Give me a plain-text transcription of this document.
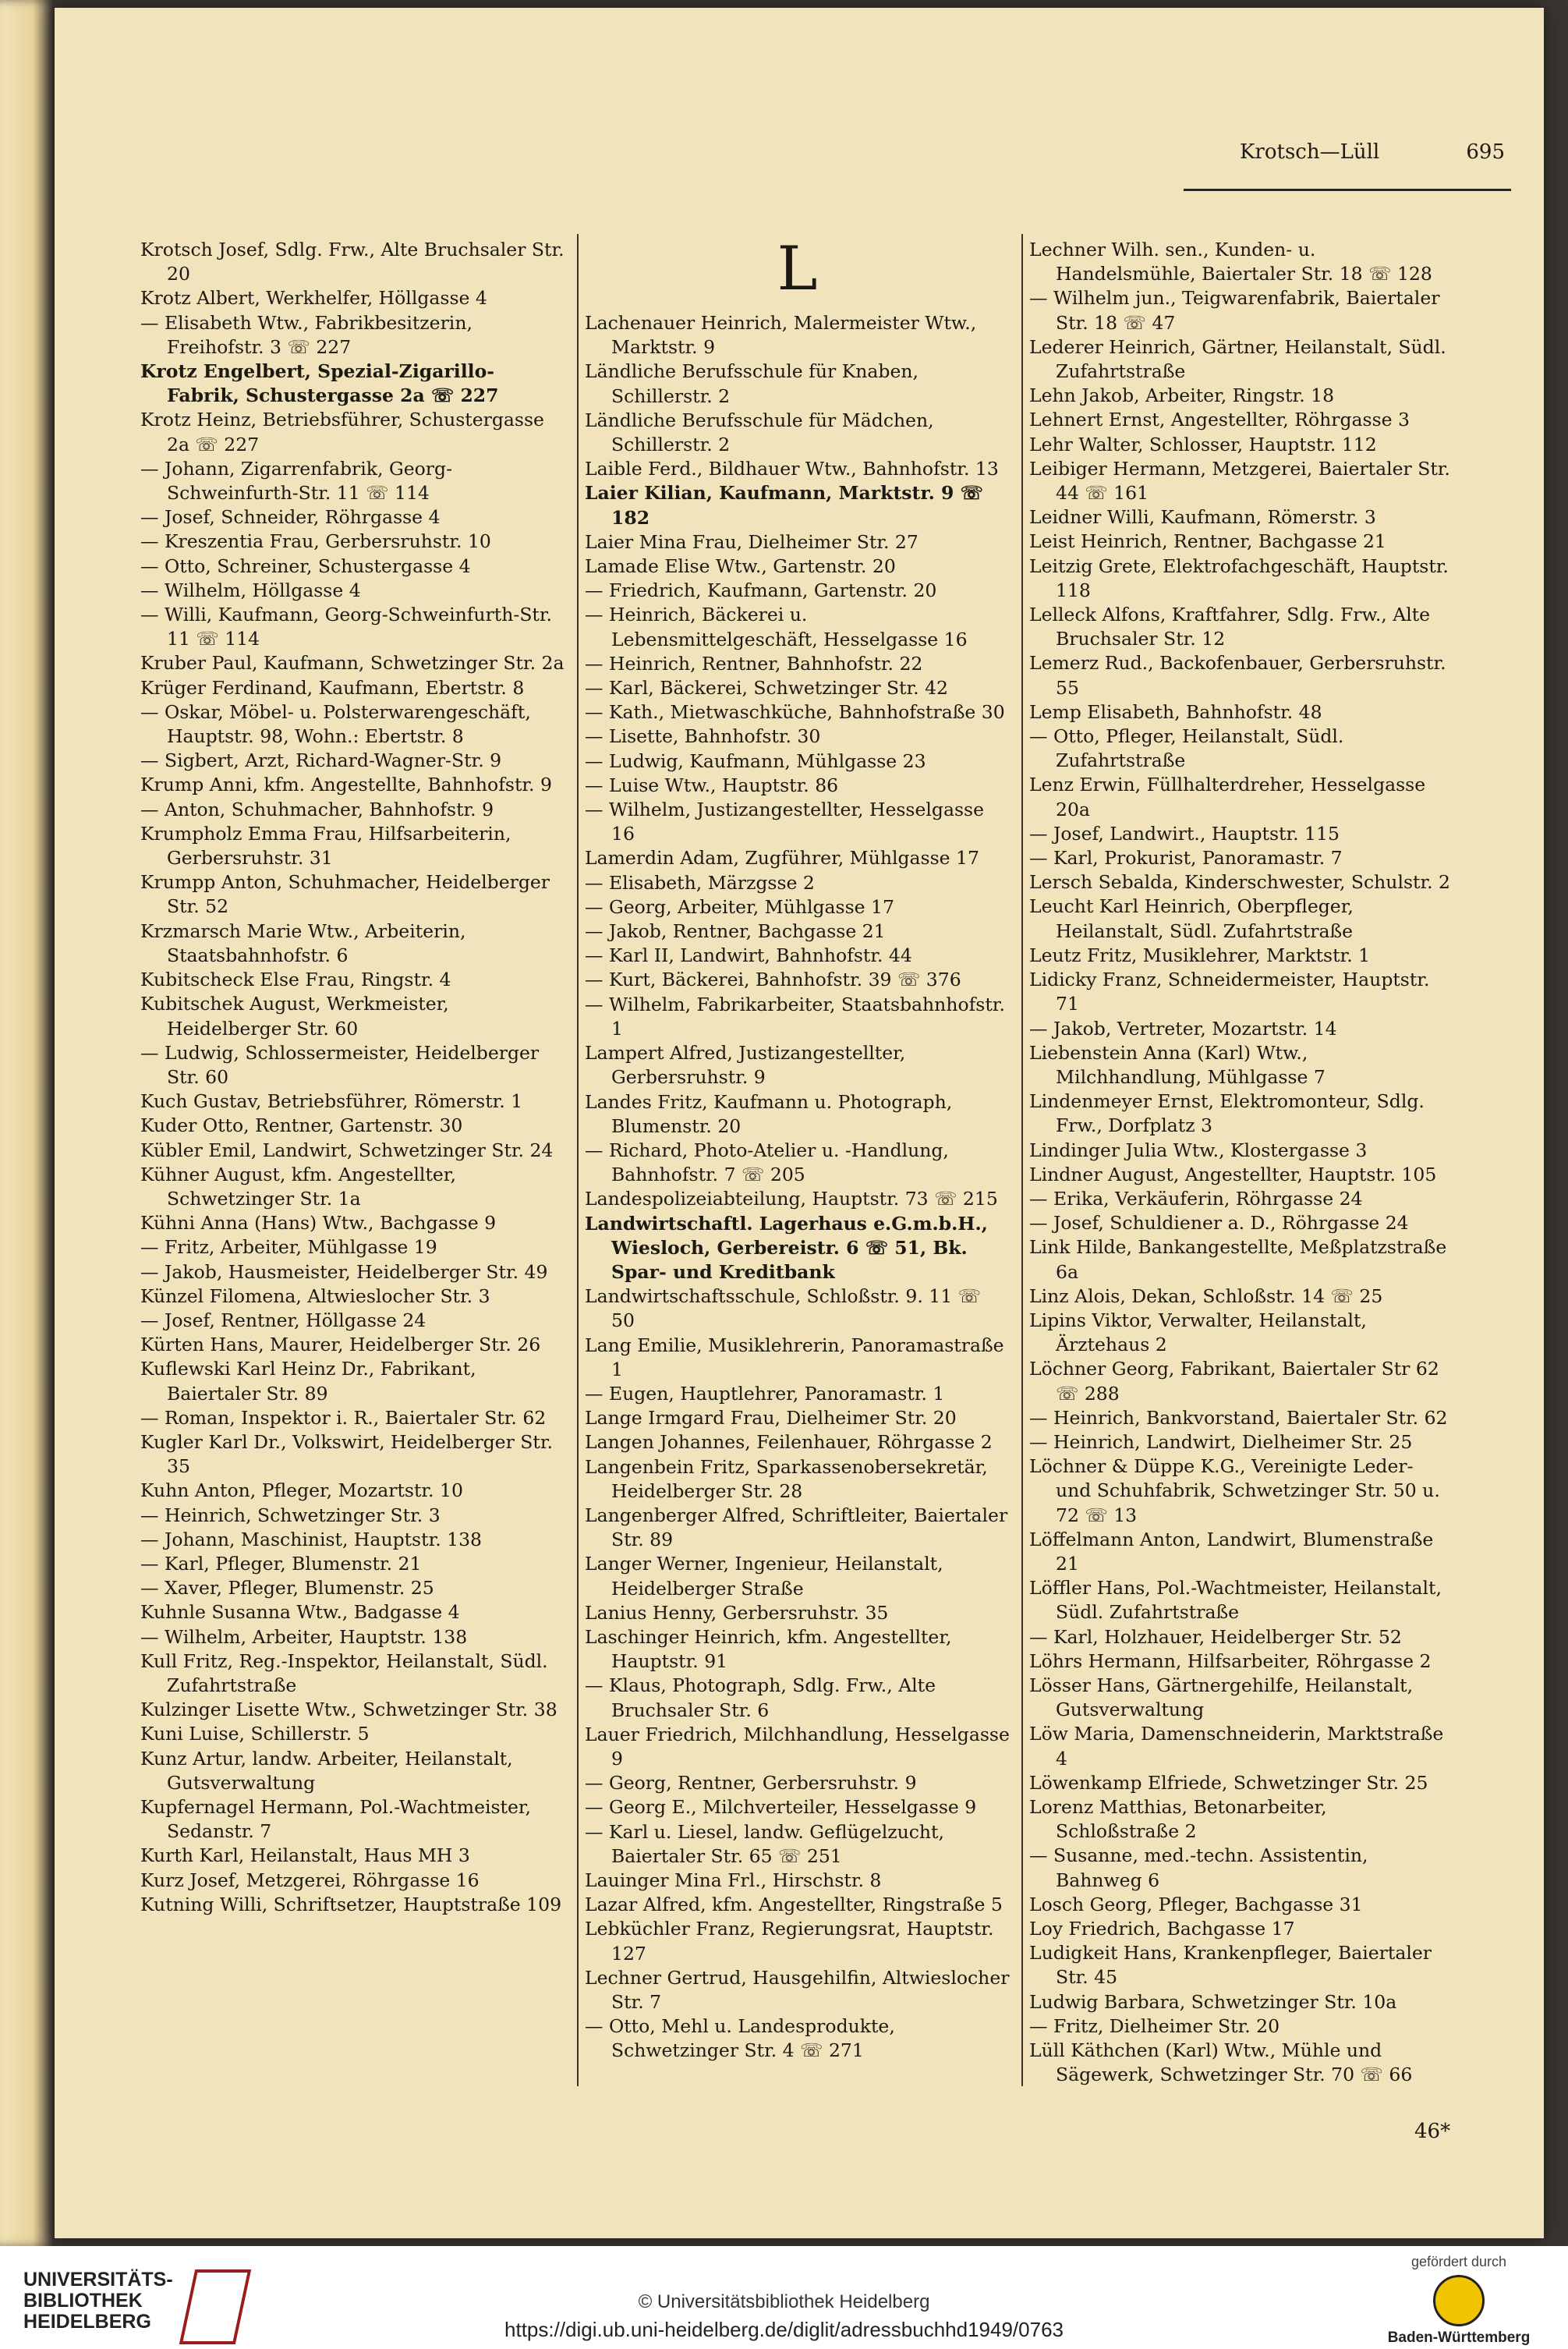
Krotsch—Lüll	695

Krotsch Josef, Sdlg. Frw., Alte Bruchsaler Str. 20

Krotz Albert, Werkhelfer, Höllgasse 4

— Elisabeth Wtw., Fabrikbesitzerin, Freihofstr. 3 ☏ 227

Krotz Engelbert, Spezial-Zigarillo-Fabrik, Schustergasse 2a ☏ 227

Krotz Heinz, Betriebsführer, Schustergasse 2a ☏ 227

— Johann, Zigarrenfabrik, Georg-Schweinfurth-Str. 11 ☏ 114

— Josef, Schneider, Röhrgasse 4

— Kreszentia Frau, Gerbersruhstr. 10

— Otto, Schreiner, Schustergasse 4

— Wilhelm, Höllgasse 4

— Willi, Kaufmann, Georg-Schweinfurth-Str. 11 ☏ 114

Kruber Paul, Kaufmann, Schwetzinger Str. 2a

Krüger Ferdinand, Kaufmann, Ebertstr. 8

— Oskar, Möbel- u. Polsterwarengeschäft, Hauptstr. 98, Wohn.: Ebertstr. 8

— Sigbert, Arzt, Richard-Wagner-Str. 9

Krump Anni, kfm. Angestellte, Bahnhofstr. 9

— Anton, Schuhmacher, Bahnhofstr. 9

Krumpholz Emma Frau, Hilfsarbeiterin, Gerbersruhstr. 31

Krumpp Anton, Schuhmacher, Heidelberger Str. 52

Krzmarsch Marie Wtw., Arbeiterin, Staatsbahnhofstr. 6

Kubitscheck Else Frau, Ringstr. 4

Kubitschek August, Werkmeister, Heidelberger Str. 60

— Ludwig, Schlossermeister, Heidelberger Str. 60

Kuch Gustav, Betriebsführer, Römerstr. 1

Kuder Otto, Rentner, Gartenstr. 30

Kübler Emil, Landwirt, Schwetzinger Str. 24

Kühner August, kfm. Angestellter, Schwetzinger Str. 1a

Kühni Anna (Hans) Wtw., Bachgasse 9

— Fritz, Arbeiter, Mühlgasse 19

— Jakob, Hausmeister, Heidelberger Str. 49

Künzel Filomena, Altwieslocher Str. 3

— Josef, Rentner, Höllgasse 24

Kürten Hans, Maurer, Heidelberger Str. 26

Kuflewski Karl Heinz Dr., Fabrikant, Baiertaler Str. 89

— Roman, Inspektor i. R., Baiertaler Str. 62

Kugler Karl Dr., Volkswirt, Heidelberger Str. 35

Kuhn Anton, Pfleger, Mozartstr. 10

— Heinrich, Schwetzinger Str. 3

— Johann, Maschinist, Hauptstr. 138

— Karl, Pfleger, Blumenstr. 21

— Xaver, Pfleger, Blumenstr. 25

Kuhnle Susanna Wtw., Badgasse 4

— Wilhelm, Arbeiter, Hauptstr. 138

Kull Fritz, Reg.-Inspektor, Heilanstalt, Südl. Zufahrtstraße

Kulzinger Lisette Wtw., Schwetzinger Str. 38

Kuni Luise, Schillerstr. 5

Kunz Artur, landw. Arbeiter, Heilanstalt, Gutsverwaltung

Kupfernagel Hermann, Pol.-Wachtmeister, Sedanstr. 7

Kurth Karl, Heilanstalt, Haus MH 3

Kurz Josef, Metzgerei, Röhrgasse 16

Kutning Willi, Schriftsetzer, Hauptstraße 109

L

Lachenauer Heinrich, Malermeister Wtw., Marktstr. 9

Ländliche Berufsschule für Knaben, Schillerstr. 2

Ländliche Berufsschule für Mädchen, Schillerstr. 2

Laible Ferd., Bildhauer Wtw., Bahnhofstr. 13

Laier Kilian, Kaufmann, Marktstr. 9 ☏ 182

Laier Mina Frau, Dielheimer Str. 27

Lamade Elise Wtw., Gartenstr. 20

— Friedrich, Kaufmann, Gartenstr. 20

— Heinrich, Bäckerei u. Lebensmittelgeschäft, Hesselgasse 16

— Heinrich, Rentner, Bahnhofstr. 22

— Karl, Bäckerei, Schwetzinger Str. 42

— Kath., Mietwaschküche, Bahnhofstraße 30

— Lisette, Bahnhofstr. 30

— Ludwig, Kaufmann, Mühlgasse 23

— Luise Wtw., Hauptstr. 86

— Wilhelm, Justizangestellter, Hesselgasse 16

Lamerdin Adam, Zugführer, Mühlgasse 17

— Elisabeth, Märzgsse 2

— Georg, Arbeiter, Mühlgasse 17

— Jakob, Rentner, Bachgasse 21

— Karl II, Landwirt, Bahnhofstr. 44

— Kurt, Bäckerei, Bahnhofstr. 39 ☏ 376

— Wilhelm, Fabrikarbeiter, Staatsbahnhofstr. 1

Lampert Alfred, Justizangestellter, Gerbersruhstr. 9

Landes Fritz, Kaufmann u. Photograph, Blumenstr. 20

— Richard, Photo-Atelier u. -Handlung, Bahnhofstr. 7 ☏ 205

Landespolizeiabteilung, Hauptstr. 73 ☏ 215

Landwirtschaftl. Lagerhaus e.G.m.b.H., Wiesloch, Gerbereistr. 6 ☏ 51, Bk. Spar- und Kreditbank

Landwirtschaftsschule, Schloßstr. 9. 11 ☏ 50

Lang Emilie, Musiklehrerin, Panoramastraße 1

— Eugen, Hauptlehrer, Panoramastr. 1

Lange Irmgard Frau, Dielheimer Str. 20

Langen Johannes, Feilenhauer, Röhrgasse 2

Langenbein Fritz, Sparkassenobersekretär, Heidelberger Str. 28

Langenberger Alfred, Schriftleiter, Baiertaler Str. 89

Langer Werner, Ingenieur, Heilanstalt, Heidelberger Straße

Lanius Henny, Gerbersruhstr. 35

Laschinger Heinrich, kfm. Angestellter, Hauptstr. 91

— Klaus, Photograph, Sdlg. Frw., Alte Bruchsaler Str. 6

Lauer Friedrich, Milchhandlung, Hesselgasse 9

— Georg, Rentner, Gerbersruhstr. 9

— Georg E., Milchverteiler, Hesselgasse 9

— Karl u. Liesel, landw. Geflügelzucht, Baiertaler Str. 65 ☏ 251

Lauinger Mina Frl., Hirschstr. 8

Lazar Alfred, kfm. Angestellter, Ringstraße 5

Lebküchler Franz, Regierungsrat, Hauptstr. 127

Lechner Gertrud, Hausgehilfin, Altwieslocher Str. 7

— Otto, Mehl u. Landesprodukte, Schwetzinger Str. 4 ☏ 271

Lechner Wilh. sen., Kunden- u. Handelsmühle, Baiertaler Str. 18 ☏ 128

— Wilhelm jun., Teigwarenfabrik, Baiertaler Str. 18 ☏ 47

Lederer Heinrich, Gärtner, Heilanstalt, Südl. Zufahrtstraße

Lehn Jakob, Arbeiter, Ringstr. 18

Lehnert Ernst, Angestellter, Röhrgasse 3

Lehr Walter, Schlosser, Hauptstr. 112

Leibiger Hermann, Metzgerei, Baiertaler Str. 44 ☏ 161

Leidner Willi, Kaufmann, Römerstr. 3

Leist Heinrich, Rentner, Bachgasse 21

Leitzig Grete, Elektrofachgeschäft, Hauptstr. 118

Lelleck Alfons, Kraftfahrer, Sdlg. Frw., Alte Bruchsaler Str. 12

Lemerz Rud., Backofenbauer, Gerbersruhstr. 55

Lemp Elisabeth, Bahnhofstr. 48

— Otto, Pfleger, Heilanstalt, Südl. Zufahrtstraße

Lenz Erwin, Füllhalterdreher, Hesselgasse 20a

— Josef, Landwirt., Hauptstr. 115

— Karl, Prokurist, Panoramastr. 7

Lersch Sebalda, Kinderschwester, Schulstr. 2

Leucht Karl Heinrich, Oberpfleger, Heilanstalt, Südl. Zufahrtstraße

Leutz Fritz, Musiklehrer, Marktstr. 1

Lidicky Franz, Schneidermeister, Hauptstr. 71

— Jakob, Vertreter, Mozartstr. 14

Liebenstein Anna (Karl) Wtw., Milchhandlung, Mühlgasse 7

Lindenmeyer Ernst, Elektromonteur, Sdlg. Frw., Dorfplatz 3

Lindinger Julia Wtw., Klostergasse 3

Lindner August, Angestellter, Hauptstr. 105

— Erika, Verkäuferin, Röhrgasse 24

— Josef, Schuldiener a. D., Röhrgasse 24

Link Hilde, Bankangestellte, Meßplatzstraße 6a

Linz Alois, Dekan, Schloßstr. 14 ☏ 25

Lipins Viktor, Verwalter, Heilanstalt, Ärztehaus 2

Löchner Georg, Fabrikant, Baiertaler Str 62 ☏ 288

— Heinrich, Bankvorstand, Baiertaler Str. 62

— Heinrich, Landwirt, Dielheimer Str. 25

Löchner & Düppe K.G., Vereinigte Leder- und Schuhfabrik, Schwetzinger Str. 50 u. 72 ☏ 13

Löffelmann Anton, Landwirt, Blumenstraße 21

Löffler Hans, Pol.-Wachtmeister, Heilanstalt, Südl. Zufahrtstraße

— Karl, Holzhauer, Heidelberger Str. 52

Löhrs Hermann, Hilfsarbeiter, Röhrgasse 2

Lösser Hans, Gärtnergehilfe, Heilanstalt, Gutsverwaltung

Löw Maria, Damenschneiderin, Marktstraße 4

Löwenkamp Elfriede, Schwetzinger Str. 25

Lorenz Matthias, Betonarbeiter, Schloßstraße 2

— Susanne, med.-techn. Assistentin, Bahnweg 6

Losch Georg, Pfleger, Bachgasse 31

Loy Friedrich, Bachgasse 17

Ludigkeit Hans, Krankenpfleger, Baiertaler Str. 45

Ludwig Barbara, Schwetzinger Str. 10a

— Fritz, Dielheimer Str. 20

Lüll Käthchen (Karl) Wtw., Mühle und Sägewerk, Schwetzinger Str. 70 ☏ 66

46*
UNIVERSITÄTS-
BIBLIOTHEK
HEIDELBERG
© Universitätsbibliothek Heidelberg
https://digi.ub.uni-heidelberg.de/diglit/adressbuchhd1949/0763
gefördert durch
Baden-Württemberg
